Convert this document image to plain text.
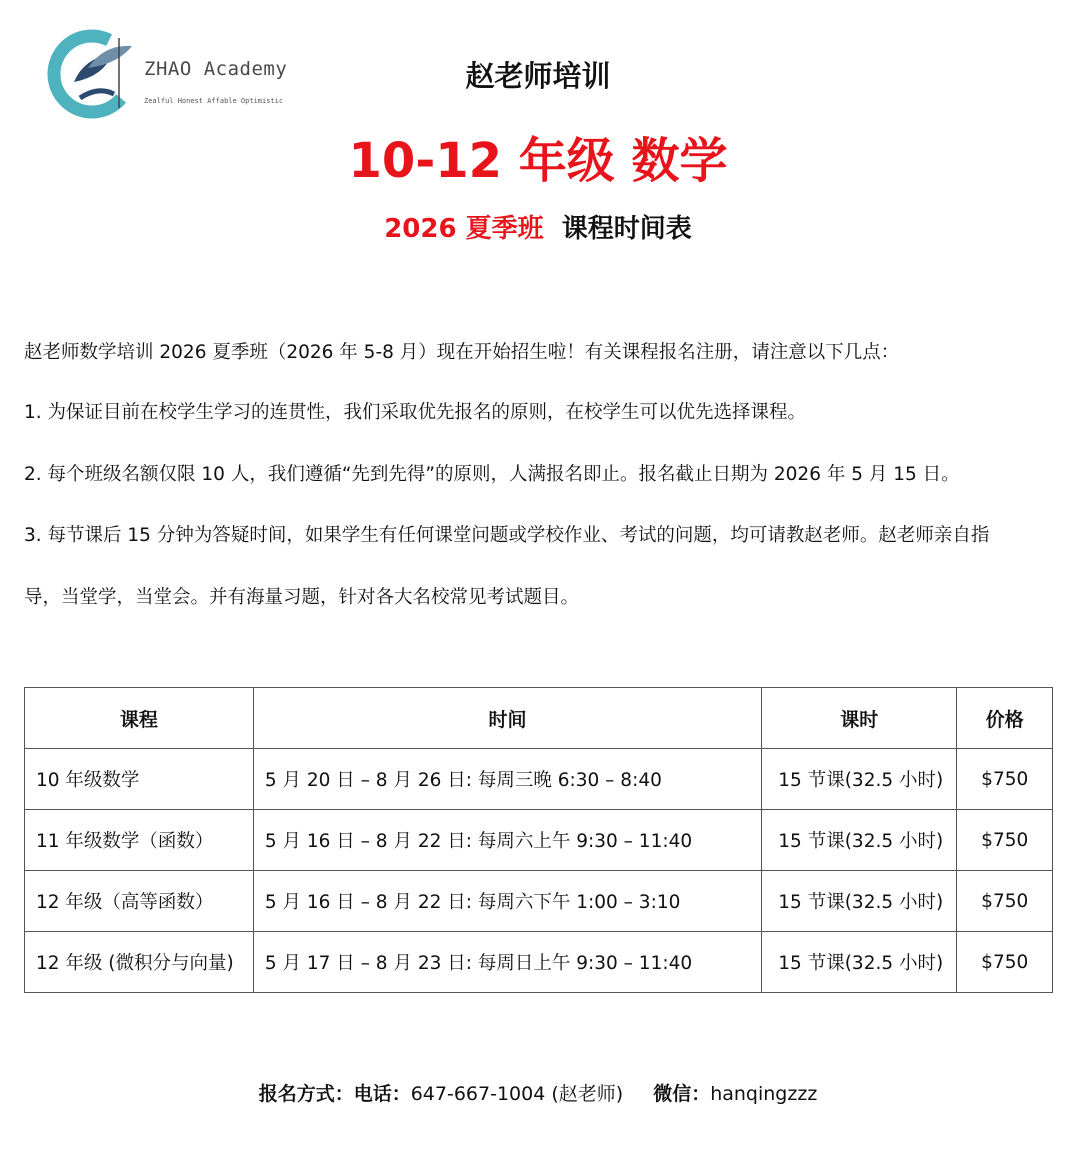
ZHAO Academy
Zealful Honest Affable Optimistic
赵老师培训
10-12 年级 数学
2026 夏季班 课程时间表
赵老师数学培训 2026 夏季班（2026 年 5-8 月）现在开始招生啦！有关课程报名注册，请注意以下几点：
1. 为保证目前在校学生学习的连贯性，我们采取优先报名的原则，在校学生可以优先选择课程。
2. 每个班级名额仅限 10 人，我们遵循“先到先得”的原则，人满报名即止。报名截止日期为 2026 年 5 月 15 日。
3. 每节课后 15 分钟为答疑时间，如果学生有任何课堂问题或学校作业、考试的问题，均可请教赵老师。赵老师亲自指
导，当堂学，当堂会。并有海量习题，针对各大名校常见考试题目。
课程	时间	课时	价格
10 年级数学	5 月 20 日 – 8 月 26 日: 每周三晚 6:30 – 8:40	15 节课(32.5 小时)	$750
11 年级数学（函数）	5 月 16 日 – 8 月 22 日: 每周六上午 9:30 – 11:40	15 节课(32.5 小时)	$750
12 年级（高等函数）	5 月 16 日 – 8 月 22 日: 每周六下午 1:00 – 3:10	15 节课(32.5 小时)	$750
12 年级 (微积分与向量)	5 月 17 日 – 8 月 23 日: 每周日上午 9:30 – 11:40	15 节课(32.5 小时)	$750
报名方式：电话：647-667-1004 (赵老师) 微信：hanqingzzz
